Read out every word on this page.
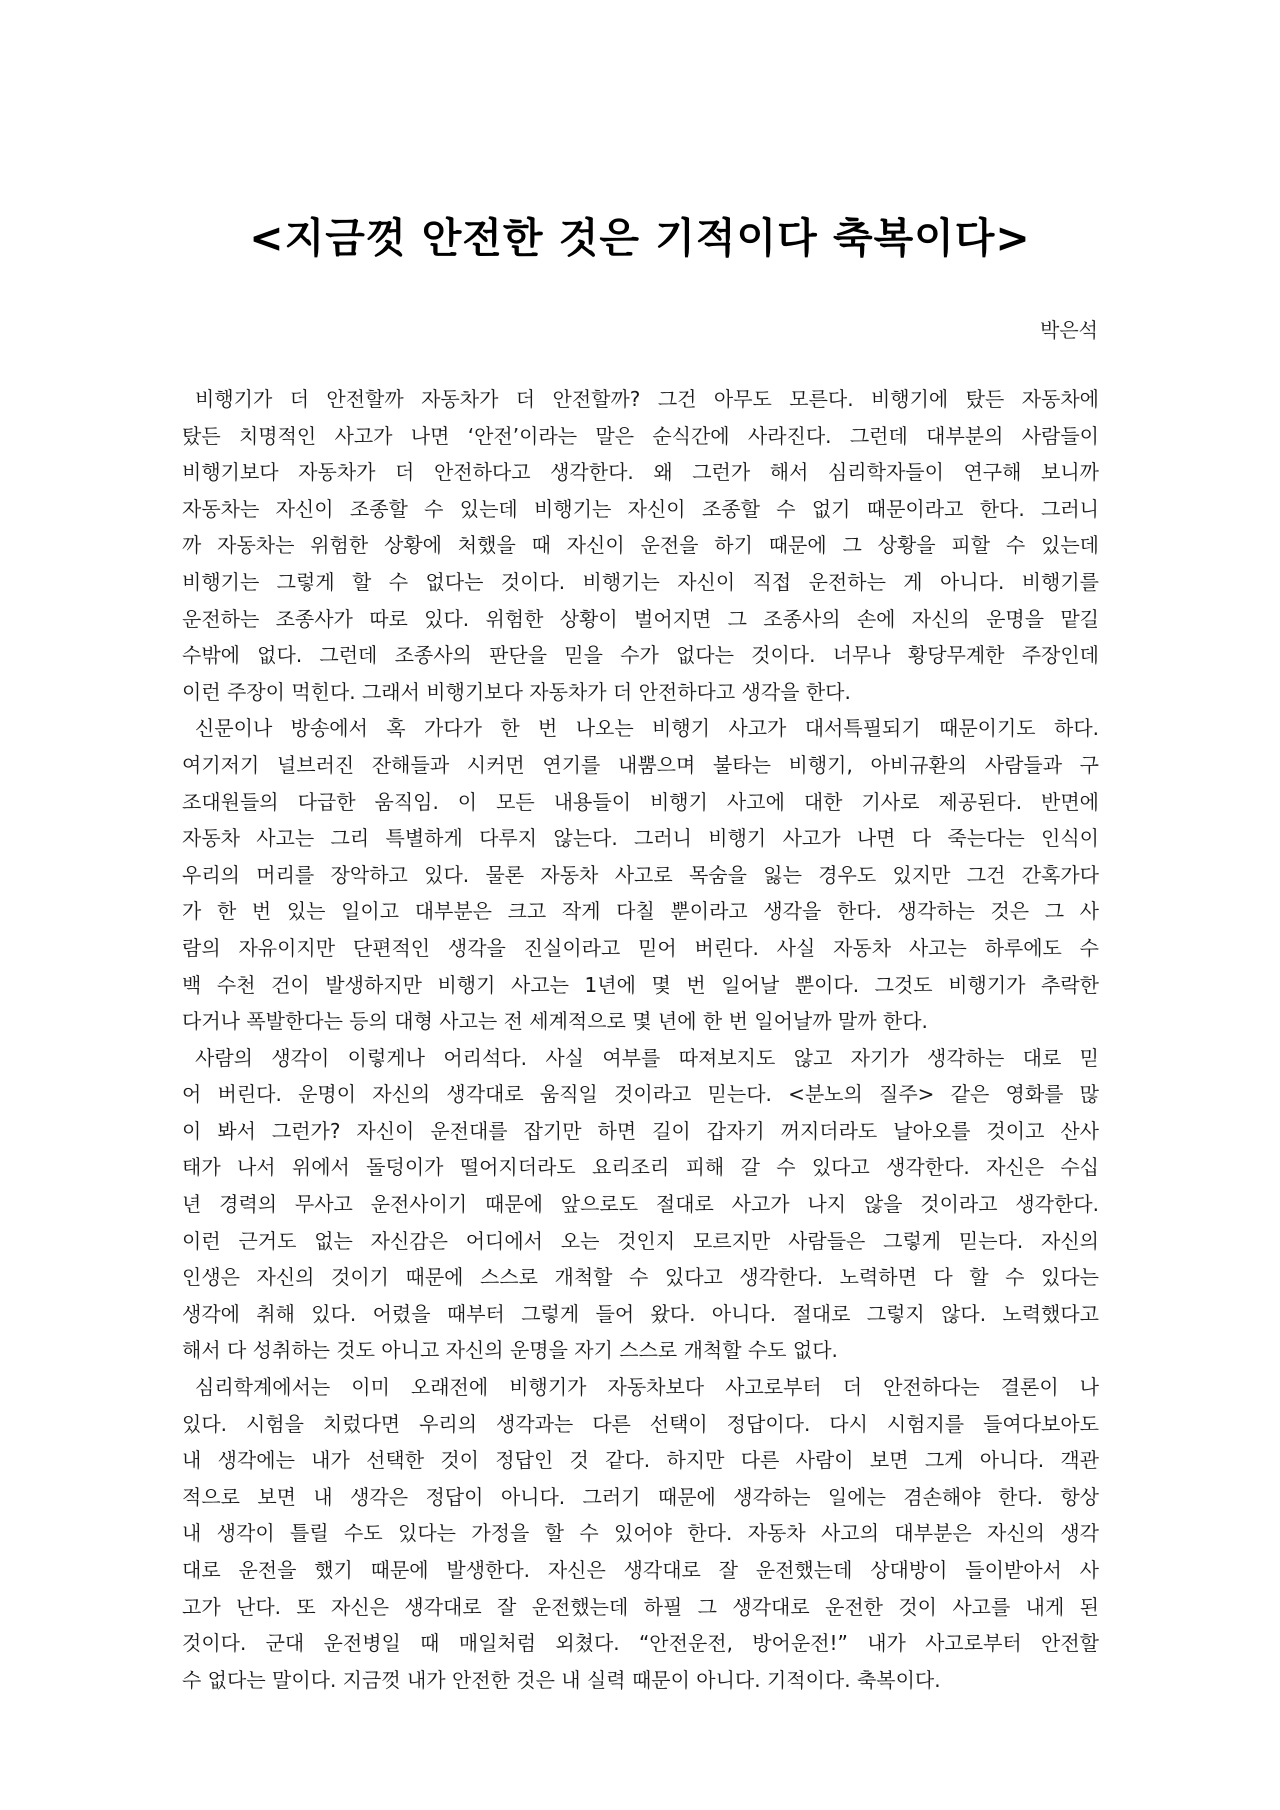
<지금껏 안전한 것은 기적이다 축복이다>
박은석
비행기가 더 안전할까 자동차가 더 안전할까? 그건 아무도 모른다. 비행기에 탔든 자동차에
탔든 치명적인 사고가 나면 ‘안전’이라는 말은 순식간에 사라진다. 그런데 대부분의 사람들이
비행기보다 자동차가 더 안전하다고 생각한다. 왜 그런가 해서 심리학자들이 연구해 보니까
자동차는 자신이 조종할 수 있는데 비행기는 자신이 조종할 수 없기 때문이라고 한다. 그러니
까 자동차는 위험한 상황에 처했을 때 자신이 운전을 하기 때문에 그 상황을 피할 수 있는데
비행기는 그렇게 할 수 없다는 것이다. 비행기는 자신이 직접 운전하는 게 아니다. 비행기를
운전하는 조종사가 따로 있다. 위험한 상황이 벌어지면 그 조종사의 손에 자신의 운명을 맡길
수밖에 없다. 그런데 조종사의 판단을 믿을 수가 없다는 것이다. 너무나 황당무계한 주장인데
이런 주장이 먹힌다. 그래서 비행기보다 자동차가 더 안전하다고 생각을 한다.
신문이나 방송에서 혹 가다가 한 번 나오는 비행기 사고가 대서특필되기 때문이기도 하다.
여기저기 널브러진 잔해들과 시커먼 연기를 내뿜으며 불타는 비행기, 아비규환의 사람들과 구
조대원들의 다급한 움직임. 이 모든 내용들이 비행기 사고에 대한 기사로 제공된다. 반면에
자동차 사고는 그리 특별하게 다루지 않는다. 그러니 비행기 사고가 나면 다 죽는다는 인식이
우리의 머리를 장악하고 있다. 물론 자동차 사고로 목숨을 잃는 경우도 있지만 그건 간혹가다
가 한 번 있는 일이고 대부분은 크고 작게 다칠 뿐이라고 생각을 한다. 생각하는 것은 그 사
람의 자유이지만 단편적인 생각을 진실이라고 믿어 버린다. 사실 자동차 사고는 하루에도 수
백 수천 건이 발생하지만 비행기 사고는 1년에 몇 번 일어날 뿐이다. 그것도 비행기가 추락한
다거나 폭발한다는 등의 대형 사고는 전 세계적으로 몇 년에 한 번 일어날까 말까 한다.
사람의 생각이 이렇게나 어리석다. 사실 여부를 따져보지도 않고 자기가 생각하는 대로 믿
어 버린다. 운명이 자신의 생각대로 움직일 것이라고 믿는다. <분노의 질주> 같은 영화를 많
이 봐서 그런가? 자신이 운전대를 잡기만 하면 길이 갑자기 꺼지더라도 날아오를 것이고 산사
태가 나서 위에서 돌덩이가 떨어지더라도 요리조리 피해 갈 수 있다고 생각한다. 자신은 수십
년 경력의 무사고 운전사이기 때문에 앞으로도 절대로 사고가 나지 않을 것이라고 생각한다.
이런 근거도 없는 자신감은 어디에서 오는 것인지 모르지만 사람들은 그렇게 믿는다. 자신의
인생은 자신의 것이기 때문에 스스로 개척할 수 있다고 생각한다. 노력하면 다 할 수 있다는
생각에 취해 있다. 어렸을 때부터 그렇게 들어 왔다. 아니다. 절대로 그렇지 않다. 노력했다고
해서 다 성취하는 것도 아니고 자신의 운명을 자기 스스로 개척할 수도 없다.
심리학계에서는 이미 오래전에 비행기가 자동차보다 사고로부터 더 안전하다는 결론이 나
있다. 시험을 치렀다면 우리의 생각과는 다른 선택이 정답이다. 다시 시험지를 들여다보아도
내 생각에는 내가 선택한 것이 정답인 것 같다. 하지만 다른 사람이 보면 그게 아니다. 객관
적으로 보면 내 생각은 정답이 아니다. 그러기 때문에 생각하는 일에는 겸손해야 한다. 항상
내 생각이 틀릴 수도 있다는 가정을 할 수 있어야 한다. 자동차 사고의 대부분은 자신의 생각
대로 운전을 했기 때문에 발생한다. 자신은 생각대로 잘 운전했는데 상대방이 들이받아서 사
고가 난다. 또 자신은 생각대로 잘 운전했는데 하필 그 생각대로 운전한 것이 사고를 내게 된
것이다. 군대 운전병일 때 매일처럼 외쳤다. “안전운전, 방어운전!” 내가 사고로부터 안전할
수 없다는 말이다. 지금껏 내가 안전한 것은 내 실력 때문이 아니다. 기적이다. 축복이다.
